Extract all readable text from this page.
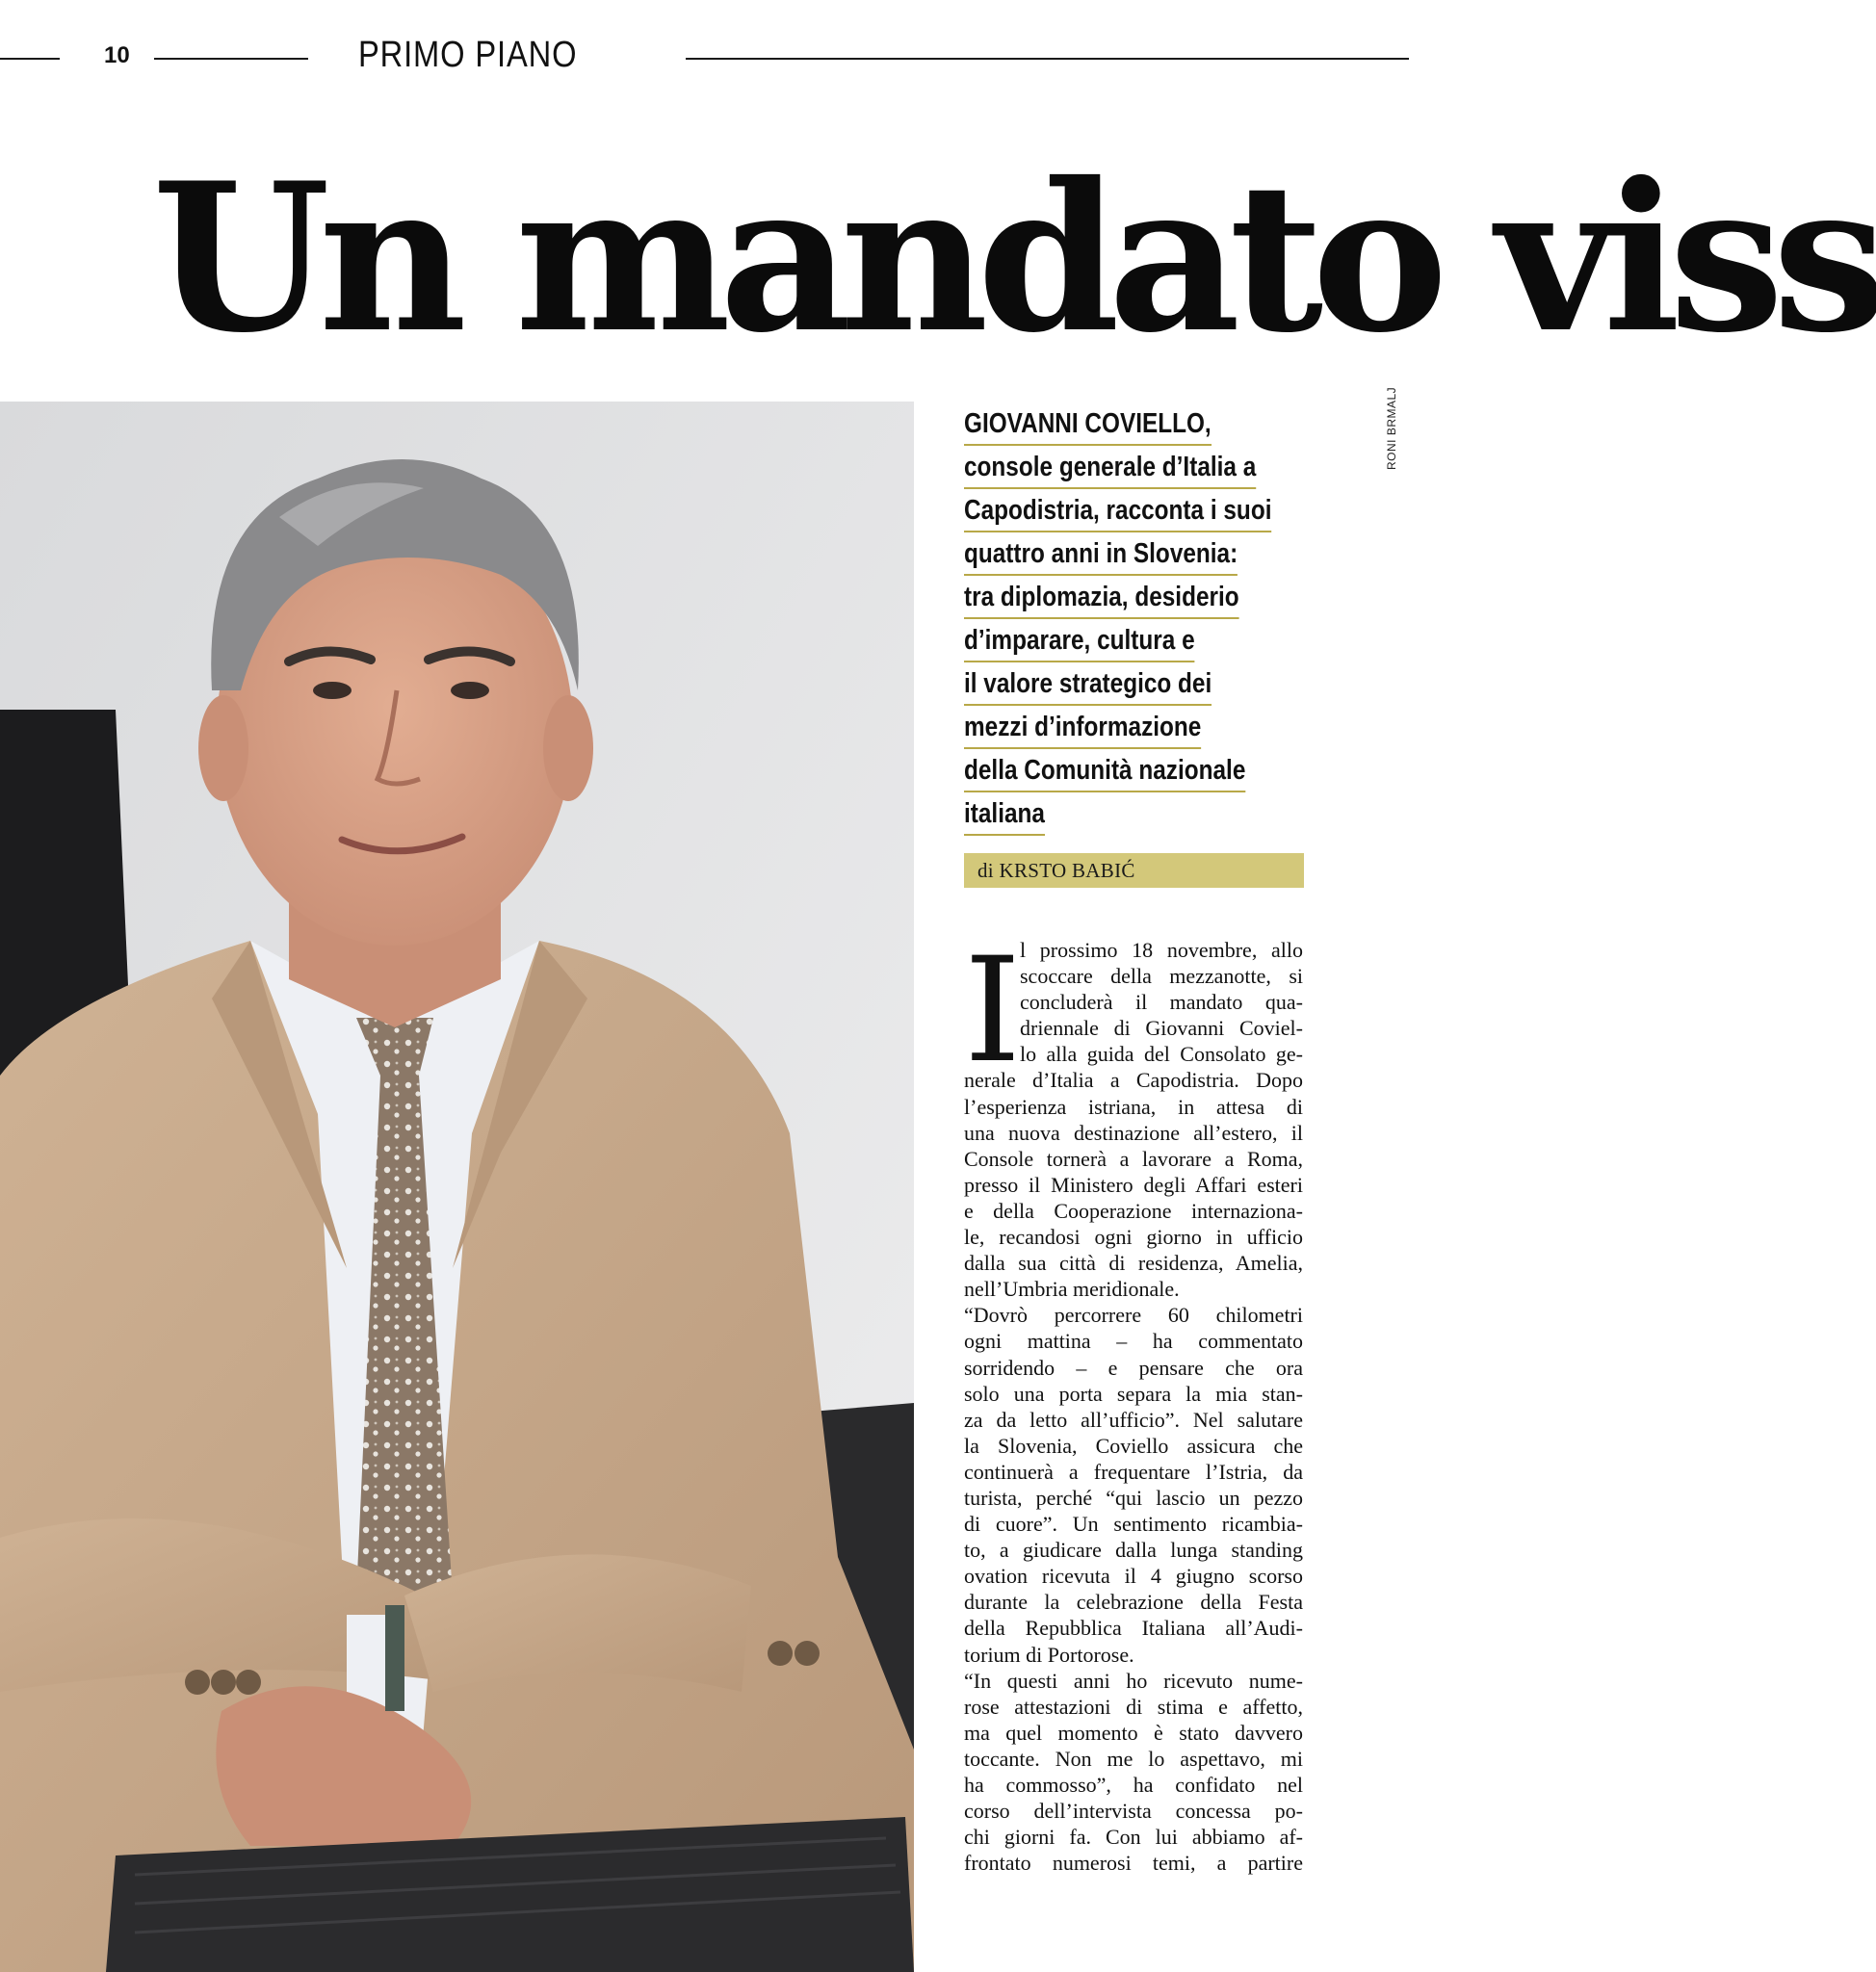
10	PRIMO PIANO
Un mandato viss
RONI BRMALJ
GIOVANNI COVIELLO,
console generale d’Italia a
Capodistria, racconta i suoi
quattro anni in Slovenia:
tra diplomazia, desiderio
d’imparare, cultura e
il valore strategico dei
mezzi d’informazione
della Comunità nazionale
italiana
di KRSTO BABIĆ
I
l prossimo 18 novembre, allo
scoccare della mezzanotte, si
concluderà il mandato qua-
driennale di Giovanni Coviel-
lo alla guida del Consolato ge-
nerale d’Italia a Capodistria. Dopo
l’esperienza istriana, in attesa di
una nuova destinazione all’estero, il
Console tornerà a lavorare a Roma,
presso il Ministero degli Affari esteri
e della Cooperazione internaziona-
le, recandosi ogni giorno in ufficio
dalla sua città di residenza, Amelia,
nell’Umbria meridionale.
“Dovrò percorrere 60 chilometri
ogni mattina – ha commentato
sorridendo – e pensare che ora
solo una porta separa la mia stan-
za da letto all’ufficio”. Nel salutare
la Slovenia, Coviello assicura che
continuerà a frequentare l’Istria, da
turista, perché “qui lascio un pezzo
di cuore”. Un sentimento ricambia-
to, a giudicare dalla lunga standing
ovation ricevuta il 4 giugno scorso
durante la celebrazione della Festa
della Repubblica Italiana all’Audi-
torium di Portorose.
“In questi anni ho ricevuto nume-
rose attestazioni di stima e affetto,
ma quel momento è stato davvero
toccante. Non me lo aspettavo, mi
ha commosso”, ha confidato nel
corso dell’intervista concessa po-
chi giorni fa. Con lui abbiamo af-
frontato numerosi temi, a partire
